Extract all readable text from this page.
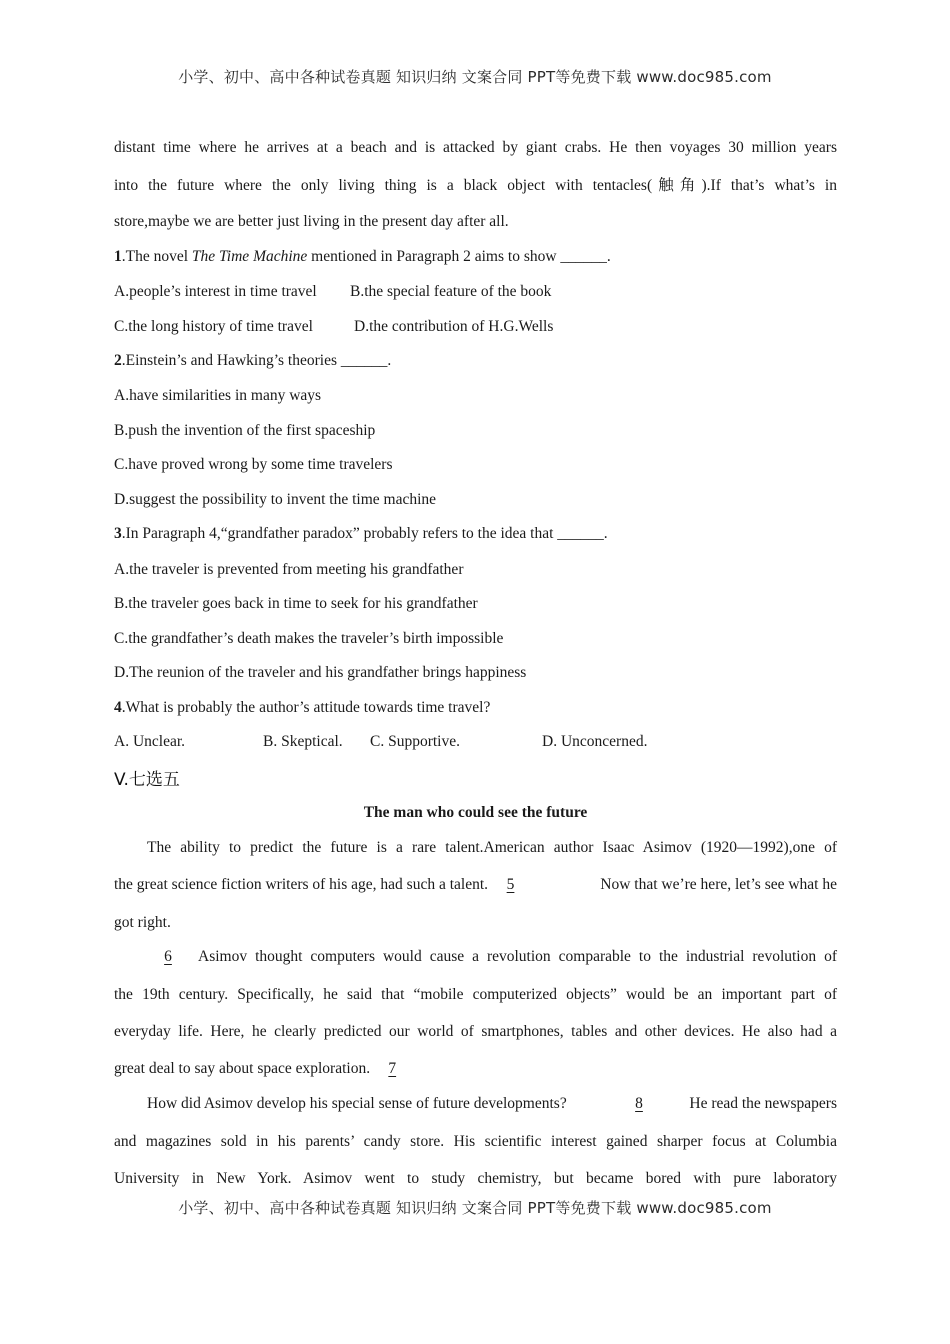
小学、初中、高中各种试卷真题 知识归纳 文案合同 PPT等免费下载 www.doc985.com
distant time where he arrives at a beach and is attacked by giant crabs. He then voyages 30 million years
into the future where the only living thing is a black object with tentacles(触角).If that’s what’s in
store,maybe we are better just living in the present day after all.
1.The novel The Time Machine mentioned in Paragraph 2 aims to show ______.
A.people’s interest in time travel B.the special feature of the book
C.the long history of time travel	D.the contribution of H.G.Wells
2.Einstein’s and Hawking’s theories ______.
A.have similarities in many ways
B.push the invention of the first spaceship
C.have proved wrong by some time travelers
D.suggest the possibility to invent the time machine
3.In Paragraph 4,“grandfather paradox” probably refers to the idea that ______.
A.the traveler is prevented from meeting his grandfather
B.the traveler goes back in time to seek for his grandfather
C.the grandfather’s death makes the traveler’s birth impossible
D.The reunion of the traveler and his grandfather brings happiness
4.What is probably the author’s attitude towards time travel?
A. Unclear.	B. Skeptical. C. Supportive.	D. Unconcerned.
V.七选五
The man who could see the future
The ability to predict the future is a rare talent.American author Isaac Asimov (1920—1992),one of
the great science fiction writers of his age, had such a talent. 5	Now that we’re here, let’s see what he
got right.
6	Asimov thought computers would cause a revolution comparable to the industrial revolution of
the 19th century. Specifically, he said that “mobile computerized objects” would be an important part of
everyday life. Here, he clearly predicted our world of smartphones, tables and other devices. He also had a
great deal to say about space exploration. 7
How did Asimov develop his special sense of future developments?	8	He read the newspapers
and magazines sold in his parents’ candy store. His scientific interest gained sharper focus at Columbia
University in New York. Asimov went to study chemistry, but became bored with pure laboratory
小学、初中、高中各种试卷真题 知识归纳 文案合同 PPT等免费下载 www.doc985.com
